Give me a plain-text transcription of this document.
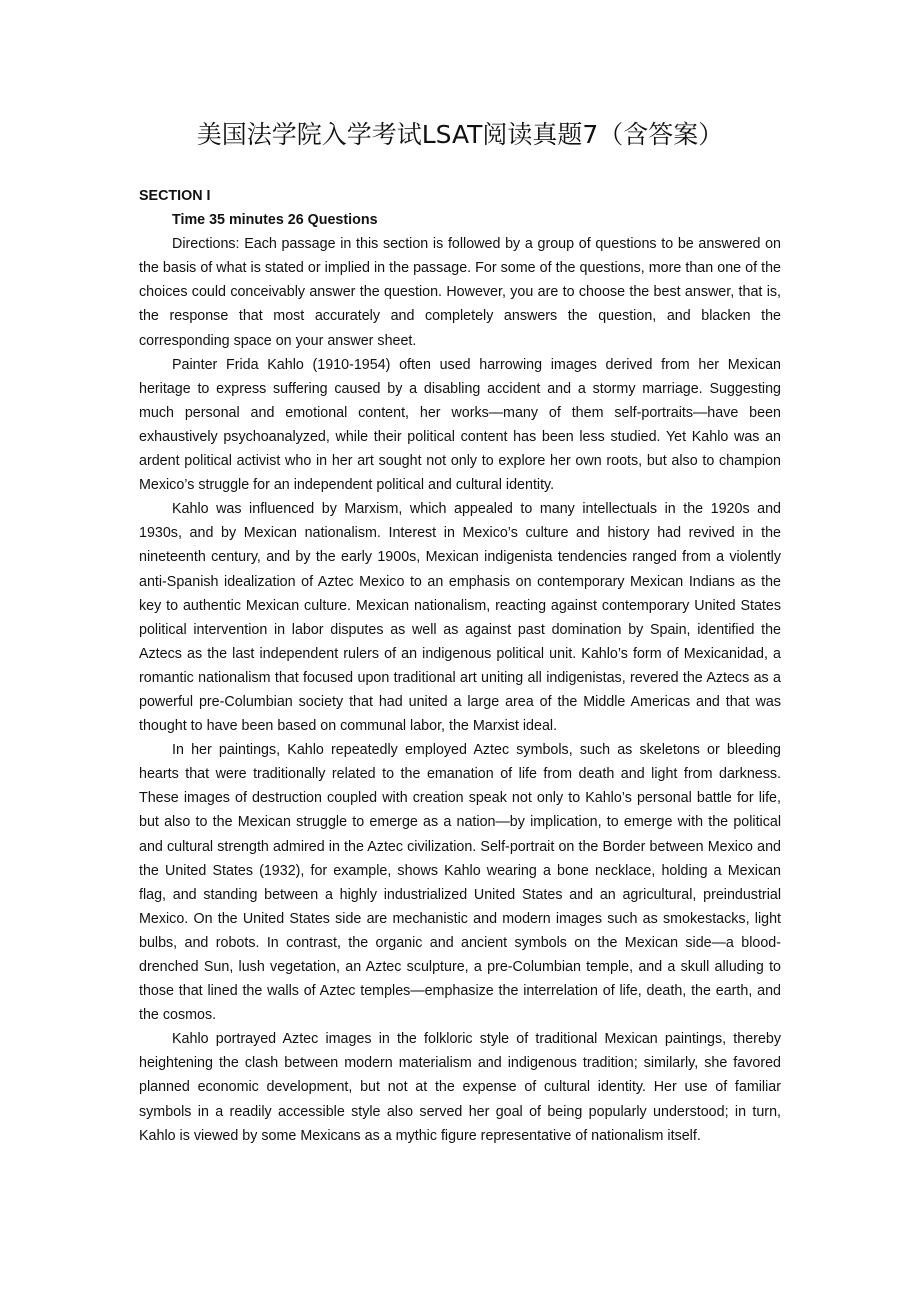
美国法学院入学考试LSAT阅读真题7（含答案）

SECTION I

Time 35 minutes 26 Questions

Directions: Each passage in this section is followed by a group of questions to be answered on the basis of what is stated or implied in the passage. For some of the questions, more than one of the choices could conceivably answer the question. However, you are to choose the best answer, that is, the response that most accurately and completely answers the question, and blacken the corresponding space on your answer sheet.

Painter Frida Kahlo (1910-1954) often used harrowing images derived from her Mexican heritage to express suffering caused by a disabling accident and a stormy marriage. Suggesting much personal and emotional content, her works—many of them self-portraits—have been exhaustively psychoanalyzed, while their political content has been less studied. Yet Kahlo was an ardent political activist who in her art sought not only to explore her own roots, but also to champion Mexico’s struggle for an independent political and cultural identity.

Kahlo was influenced by Marxism, which appealed to many intellectuals in the 1920s and 1930s, and by Mexican nationalism. Interest in Mexico’s culture and history had revived in the nineteenth century, and by the early 1900s, Mexican indigenista tendencies ranged from a violently anti-Spanish idealization of Aztec Mexico to an emphasis on contemporary Mexican Indians as the key to authentic Mexican culture. Mexican nationalism, reacting against contemporary United States political intervention in labor disputes as well as against past domination by Spain, identified the Aztecs as the last independent rulers of an indigenous political unit. Kahlo’s form of Mexicanidad, a romantic nationalism that focused upon traditional art uniting all indigenistas, revered the Aztecs as a powerful pre-Columbian society that had united a large area of the Middle Americas and that was thought to have been based on communal labor, the Marxist ideal.

In her paintings, Kahlo repeatedly employed Aztec symbols, such as skeletons or bleeding hearts that were traditionally related to the emanation of life from death and light from darkness. These images of destruction coupled with creation speak not only to Kahlo’s personal battle for life, but also to the Mexican struggle to emerge as a nation—by implication, to emerge with the political and cultural strength admired in the Aztec civilization. Self-portrait on the Border between Mexico and the United States (1932), for example, shows Kahlo wearing a bone necklace, holding a Mexican flag, and standing between a highly industrialized United States and an agricultural, preindustrial Mexico. On the United States side are mechanistic and modern images such as smokestacks, light bulbs, and robots. In contrast, the organic and ancient symbols on the Mexican side—a blood-drenched Sun, lush vegetation, an Aztec sculpture, a pre-Columbian temple, and a skull alluding to those that lined the walls of Aztec temples—emphasize the interrelation of life, death, the earth, and the cosmos.

Kahlo portrayed Aztec images in the folkloric style of traditional Mexican paintings, thereby heightening the clash between modern materialism and indigenous tradition; similarly, she favored planned economic development, but not at the expense of cultural identity. Her use of familiar symbols in a readily accessible style also served her goal of being popularly understood; in turn, Kahlo is viewed by some Mexicans as a mythic figure representative of nationalism itself.
